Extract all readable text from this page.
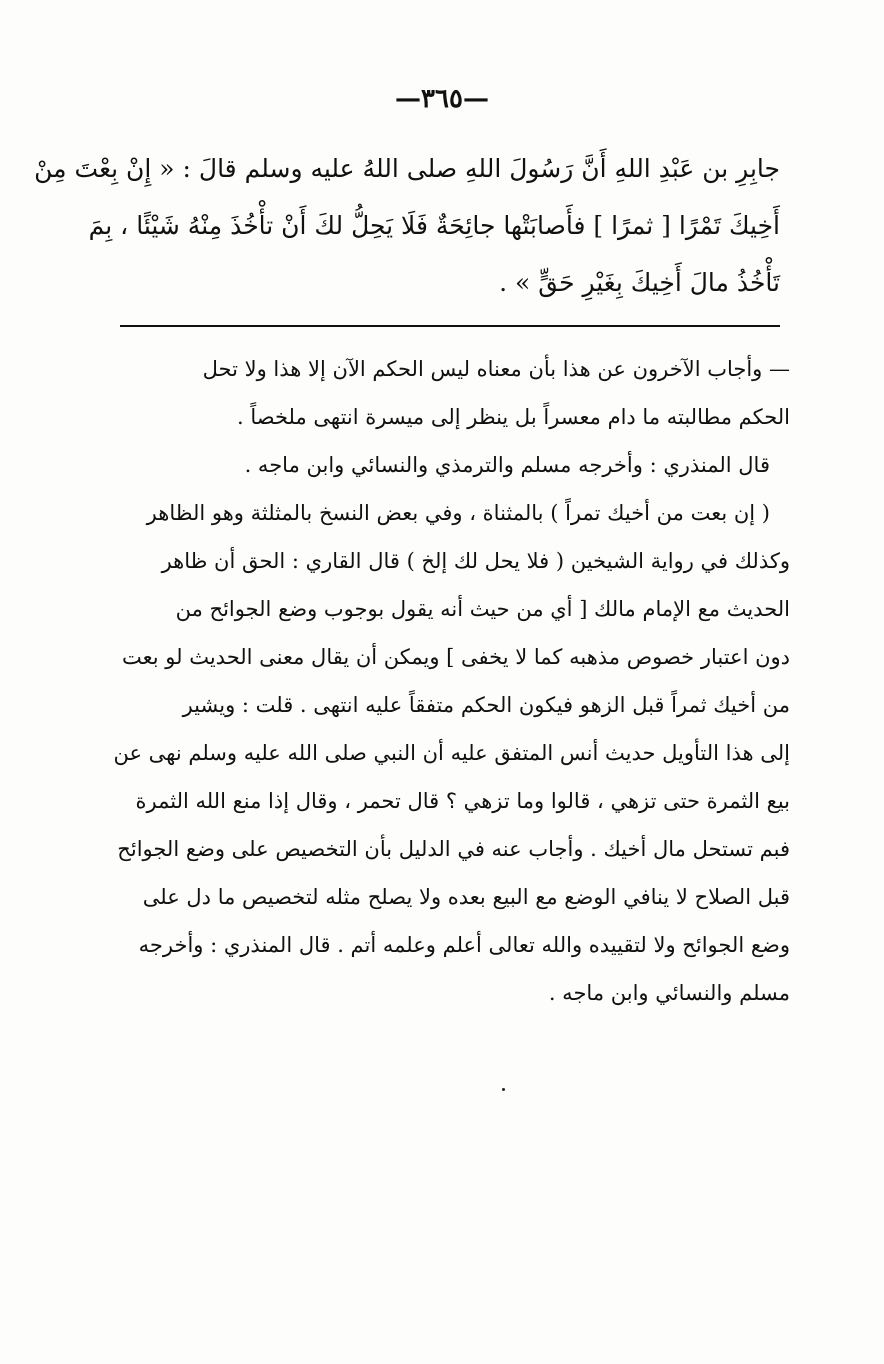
—٣٦٥—
جابِرِ بن عَبْدِ اللهِ أَنَّ رَسُولَ اللهِ صلى اللهُ عليه وسلم قالَ : « إِنْ بِعْتَ مِنْ
أَخِيكَ تَمْرًا [ ثمرًا ] فأَصابَتْها جائِحَةٌ فَلَا يَحِلُّ لكَ أَنْ تأْخُذَ مِنْهُ شَيْئًا ، بِمَ
تَأْخُذُ مالَ أَخِيكَ بِغَيْرِ حَقٍّ » .
— وأجاب الآخرون عن هذا بأن معناه ليس الحكم الآن إلا هذا ولا تحل
الحكم مطالبته ما دام معسراً بل ينظر إلى ميسرة انتهى ملخصاً .
قال المنذري : وأخرجه مسلم والترمذي والنسائي وابن ماجه .
( إن بعت من أخيك تمراً ) بالمثناة ، وفي بعض النسخ بالمثلثة وهو الظاهر
وكذلك في رواية الشيخين ( فلا يحل لك إلخ ) قال القاري : الحق أن ظاهر
الحديث مع الإمام مالك [ أي من حيث أنه يقول بوجوب وضع الجوائح من
دون اعتبار خصوص مذهبه كما لا يخفى ] ويمكن أن يقال معنى الحديث لو بعت
من أخيك ثمراً قبل الزهو فيكون الحكم متفقاً عليه انتهى . قلت : ويشير
إلى هذا التأويل حديث أنس المتفق عليه أن النبي صلى الله عليه وسلم نهى عن
بيع الثمرة حتى تزهي ، قالوا وما تزهي ؟ قال تحمر ، وقال إذا منع الله الثمرة
فبم تستحل مال أخيك . وأجاب عنه في الدليل بأن التخصيص على وضع الجوائح
قبل الصلاح لا ينافي الوضع مع البيع بعده ولا يصلح مثله لتخصيص ما دل على
وضع الجوائح ولا لتقييده والله تعالى أعلم وعلمه أتم . قال المنذري : وأخرجه
مسلم والنسائي وابن ماجه .
